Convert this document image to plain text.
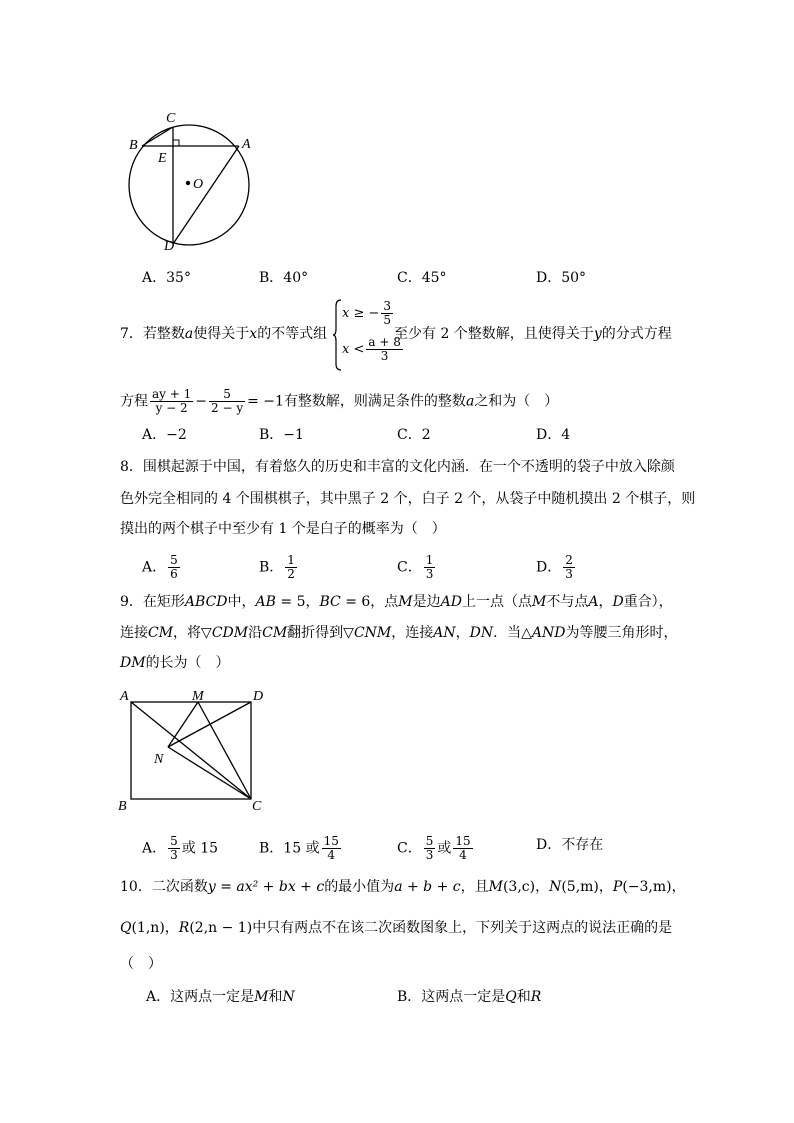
B
C
E
A
O
D
A．35°	B．40°	C．45°	D．50°
7．若整数a使得关于x的不等式组
x ≥ − $\frac{3}{5}$
$x < \frac{a + 8}{3}$
至少有 2 个整数解，且使得关于y的分式方程
方程 $\frac{ay + 1}{y - 2} - \frac{5}{2 - y} = -1$有整数解，则满足条件的整数a之和为（　）
A．−2	B．−1	C．2	D．4
8．围棋起源于中国，有着悠久的历史和丰富的文化内涵．在一个不透明的袋子中放入除颜
色外完全相同的 4 个围棋棋子，其中黑子 2 个，白子 2 个，从袋子中随机摸出 2 个棋子，则
摸出的两个棋子中至少有 1 个是白子的概率为（　）
A． $\frac{5}{6}$	B． $\frac{1}{2}$	C． $\frac{1}{3}$	D． $\frac{2}{3}$
9．在矩形ABCD中，AB = 5，BC = 6，点M是边AD上一点（点M不与点A，D重合），
连接CM，将▽CDM沿CM翻折得到▽CNM，连接AN，DN．当△AND为等腰三角形时，
DM的长为（　）
A	M	D
N
B	C
A． $\frac{5}{3}$ 或 15	B．15 或 $\frac{15}{4}$	C． $\frac{5}{3}$ 或 $\frac{15}{4}$	D．不存在
10．二次函数y = ax² + bx + c的最小值为a + b + c，且M(3,c)，N(5,m)，P(−3,m)，
Q(1,n)，R(2,n − 1)中只有两点不在该二次函数图象上，下列关于这两点的说法正确的是
（　）
A．这两点一定是M和N	B．这两点一定是Q和R
